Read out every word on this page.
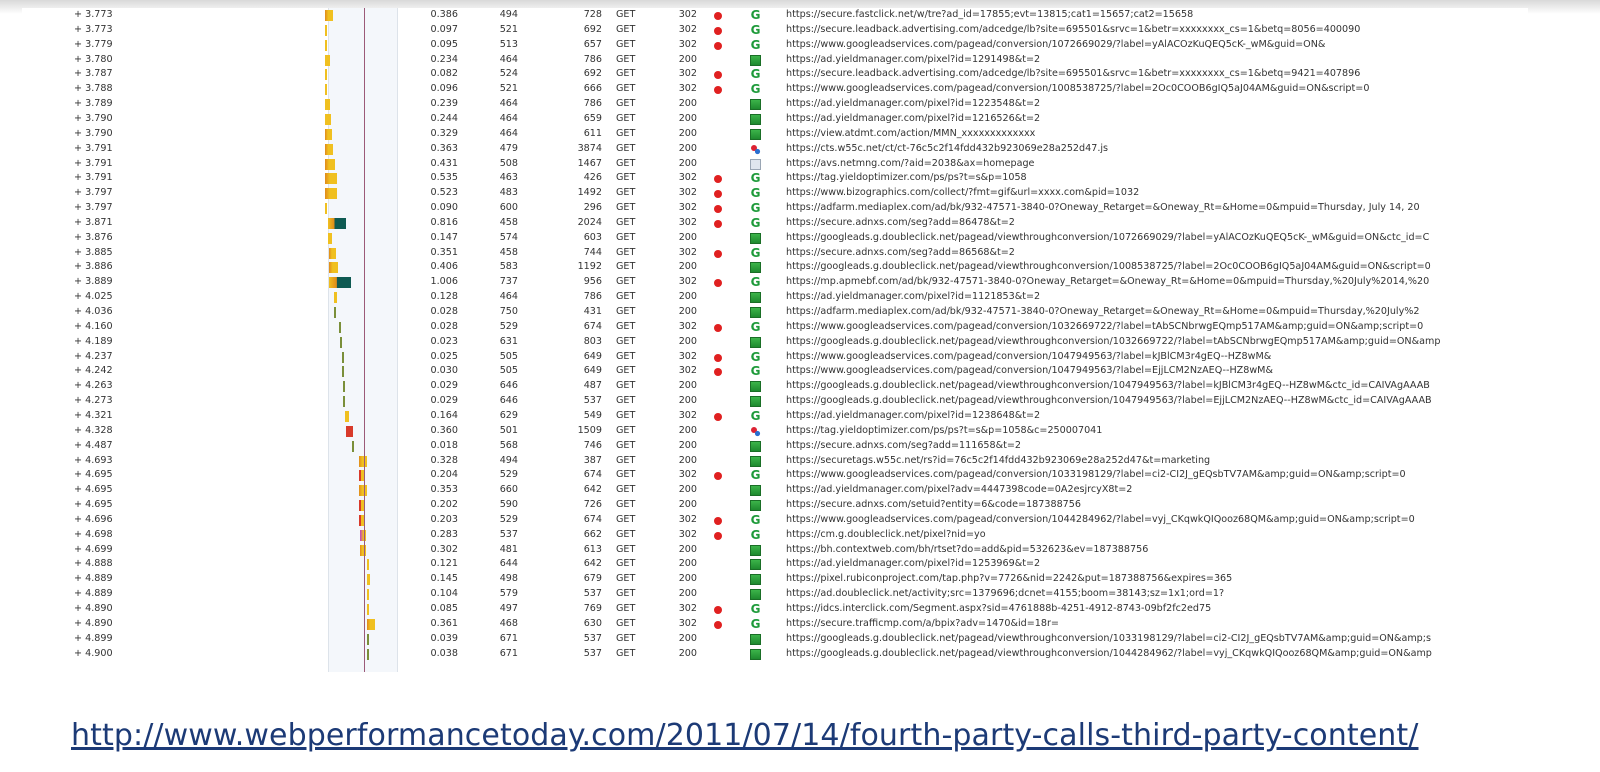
+ 3.773	0.386	494	728 GET	302	G	https://secure.fastclick.net/w/tre?ad_id=17855;evt=13815;cat1=15657;cat2=15658
+ 3.773	0.097	521	692 GET	302	G	https://secure.leadback.advertising.com/adcedge/lb?site=695501&srvc=1&betr=xxxxxxxx_cs=1&betq=8056=400090
+ 3.779	0.095	513	657 GET	302	G	https://www.googleadservices.com/pagead/conversion/1072669029/?label=yAlACOzKuQEQ5cK-_wM&guid=ON&
+ 3.780	0.234	464	786 GET	200	https://ad.yieldmanager.com/pixel?id=1291498&t=2
+ 3.787	0.082	524	692 GET	302	G	https://secure.leadback.advertising.com/adcedge/lb?site=695501&srvc=1&betr=xxxxxxxx_cs=1&betq=9421=407896
+ 3.788	0.096	521	666 GET	302	G	https://www.googleadservices.com/pagead/conversion/1008538725/?label=2Oc0COOB6gIQ5aJ04AM&guid=ON&script=0
+ 3.789	0.239	464	786 GET	200	https://ad.yieldmanager.com/pixel?id=1223548&t=2
+ 3.790	0.244	464	659 GET	200	https://ad.yieldmanager.com/pixel?id=1216526&t=2
+ 3.790	0.329	464	611 GET	200	https://view.atdmt.com/action/MMN_xxxxxxxxxxxxx
+ 3.791	0.363	479	3874 GET	200	https://cts.w55c.net/ct/ct-76c5c2f14fdd432b923069e28a252d47.js
+ 3.791	0.431	508	1467 GET	200	https://avs.netmng.com/?aid=2038&ax=homepage
+ 3.791	0.535	463	426 GET	302	G	https://tag.yieldoptimizer.com/ps/ps?t=s&p=1058
+ 3.797	0.523	483	1492 GET	302	G	https://www.bizographics.com/collect/?fmt=gif&url=xxxx.com&pid=1032
+ 3.797	0.090	600	296 GET	302	G	https://adfarm.mediaplex.com/ad/bk/932-47571-3840-0?Oneway_Retarget=&Oneway_Rt=&Home=0&mpuid=Thursday, July 14, 20
+ 3.871	0.816	458	2024 GET	302	G	https://secure.adnxs.com/seg?add=86478&t=2
+ 3.876	0.147	574	603 GET	200	https://googleads.g.doubleclick.net/pagead/viewthroughconversion/1072669029/?label=yAlACOzKuQEQ5cK-_wM&guid=ON&ctc_id=C
+ 3.885	0.351	458	744 GET	302	G	https://secure.adnxs.com/seg?add=86568&t=2
+ 3.886	0.406	583	1192 GET	200	https://googleads.g.doubleclick.net/pagead/viewthroughconversion/1008538725/?label=2Oc0COOB6gIQ5aJ04AM&guid=ON&script=0
+ 3.889	1.006	737	956 GET	302	G	https://mp.apmebf.com/ad/bk/932-47571-3840-0?Oneway_Retarget=&Oneway_Rt=&Home=0&mpuid=Thursday,%20July%2014,%20
+ 4.025	0.128	464	786 GET	200	https://ad.yieldmanager.com/pixel?id=1121853&t=2
+ 4.036	0.028	750	431 GET	200	https://adfarm.mediaplex.com/ad/bk/932-47571-3840-0?Oneway_Retarget=&Oneway_Rt=&Home=0&mpuid=Thursday,%20July%2
+ 4.160	0.028	529	674 GET	302	G	https://www.googleadservices.com/pagead/conversion/1032669722/?label=tAbSCNbrwgEQmp517AM&amp;guid=ON&amp;script=0
+ 4.189	0.023	631	803 GET	200	https://googleads.g.doubleclick.net/pagead/viewthroughconversion/1032669722/?label=tAbSCNbrwgEQmp517AM&amp;guid=ON&amp
+ 4.237	0.025	505	649 GET	302	G	https://www.googleadservices.com/pagead/conversion/1047949563/?label=kJBlCM3r4gEQ--HZ8wM&
+ 4.242	0.030	505	649 GET	302	G	https://www.googleadservices.com/pagead/conversion/1047949563/?label=EjjLCM2NzAEQ--HZ8wM&
+ 4.263	0.029	646	487 GET	200	https://googleads.g.doubleclick.net/pagead/viewthroughconversion/1047949563/?label=kJBlCM3r4gEQ--HZ8wM&ctc_id=CAIVAgAAAB
+ 4.273	0.029	646	537 GET	200	https://googleads.g.doubleclick.net/pagead/viewthroughconversion/1047949563/?label=EjjLCM2NzAEQ--HZ8wM&ctc_id=CAIVAgAAAB
+ 4.321	0.164	629	549 GET	302	G	https://ad.yieldmanager.com/pixel?id=1238648&t=2
+ 4.328	0.360	501	1509 GET	200	https://tag.yieldoptimizer.com/ps/ps?t=s&p=1058&c=250007041
+ 4.487	0.018	568	746 GET	200	https://secure.adnxs.com/seg?add=111658&t=2
+ 4.693	0.328	494	387 GET	200	https://securetags.w55c.net/rs?id=76c5c2f14fdd432b923069e28a252d47&t=marketing
+ 4.695	0.204	529	674 GET	302	G	https://www.googleadservices.com/pagead/conversion/1033198129/?label=ci2-CI2J_gEQsbTV7AM&amp;guid=ON&amp;script=0
+ 4.695	0.353	660	642 GET	200	https://ad.yieldmanager.com/pixel?adv=4447398code=0A2esjrcyX8t=2
+ 4.695	0.202	590	726 GET	200	https://secure.adnxs.com/setuid?entity=6&code=187388756
+ 4.696	0.203	529	674 GET	302	G	https://www.googleadservices.com/pagead/conversion/1044284962/?label=vyj_CKqwkQIQooz68QM&amp;guid=ON&amp;script=0
+ 4.698	0.283	537	662 GET	302	G	https://cm.g.doubleclick.net/pixel?nid=yo
+ 4.699	0.302	481	613 GET	200	https://bh.contextweb.com/bh/rtset?do=add&pid=532623&ev=187388756
+ 4.888	0.121	644	642 GET	200	https://ad.yieldmanager.com/pixel?id=1253969&t=2
+ 4.889	0.145	498	679 GET	200	https://pixel.rubiconproject.com/tap.php?v=7726&nid=2242&put=187388756&expires=365
+ 4.889	0.104	579	537 GET	200	https://ad.doubleclick.net/activity;src=1379696;dcnet=4155;boom=38143;sz=1x1;ord=1?
+ 4.890	0.085	497	769 GET	302	G	https://idcs.interclick.com/Segment.aspx?sid=4761888b-4251-4912-8743-09bf2fc2ed75
+ 4.890	0.361	468	630 GET	302	G	https://secure.trafficmp.com/a/bpix?adv=1470&id=18r=
+ 4.899	0.039	671	537 GET	200	https://googleads.g.doubleclick.net/pagead/viewthroughconversion/1033198129/?label=ci2-CI2J_gEQsbTV7AM&amp;guid=ON&amp;s
+ 4.900	0.038	671	537 GET	200	https://googleads.g.doubleclick.net/pagead/viewthroughconversion/1044284962/?label=vyj_CKqwkQIQooz68QM&amp;guid=ON&amp
http://www.webperformancetoday.com/2011/07/14/fourth-party-calls-third-party-content/
